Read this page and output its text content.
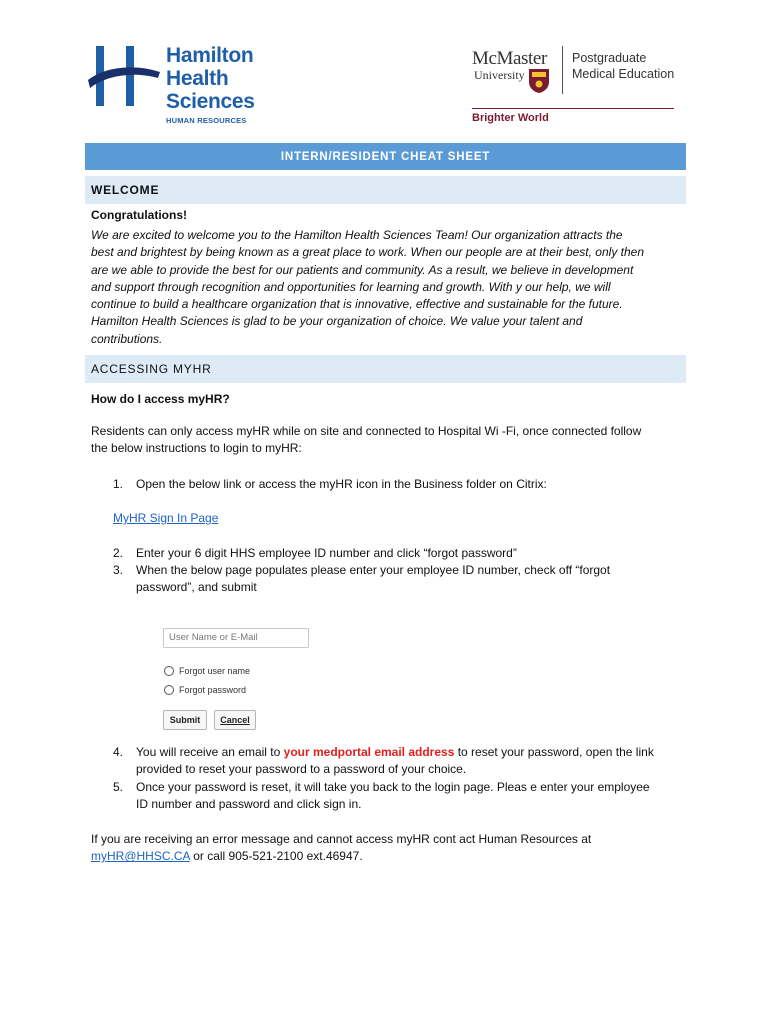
Hamilton
Health
Sciences
HUMAN RESOURCES
McMaster
University
Postgraduate
Medical Education
Brighter World
INTERN/RESIDENT CHEAT SHEET
WELCOME
Congratulations!
We are excited to welcome you to the Hamilton Health Sciences Team! Our organization attracts the
best and brightest by being known as a great place to work. When our people are at their best, only then
are we able to provide the best for our patients and community. As a result, we believe in development
and support through recognition and opportunities for learning and growth. With y our help, we will
continue to build a healthcare organization that is innovative, effective and sustainable for the future.
Hamilton Health Sciences is glad to be your organization of choice. We value your talent and
contributions.
ACCESSING MYHR
How do I access myHR?
Residents can only access myHR while on site and connected to Hospital Wi -Fi, once connected follow
the below instructions to login to myHR:
1. Open the below link or access the myHR icon in the Business folder on Citrix:
MyHR Sign In Page
2. Enter your 6 digit HHS employee ID number and click “forgot password”
3. When the below page populates please enter your employee ID number, check off “forgot
password”, and submit
User Name or E-Mail
Forgot user name
Forgot password
Submit	Cancel
4. You will receive an email to your medportal email address to reset your password, open the link
provided to reset your password to a password of your choice.
5. Once your password is reset, it will take you back to the login page. Pleas e enter your employee
ID number and password and click sign in.
If you are receiving an error message and cannot access myHR cont act Human Resources at
myHR@HHSC.CA or call 905-521-2100 ext.46947.
